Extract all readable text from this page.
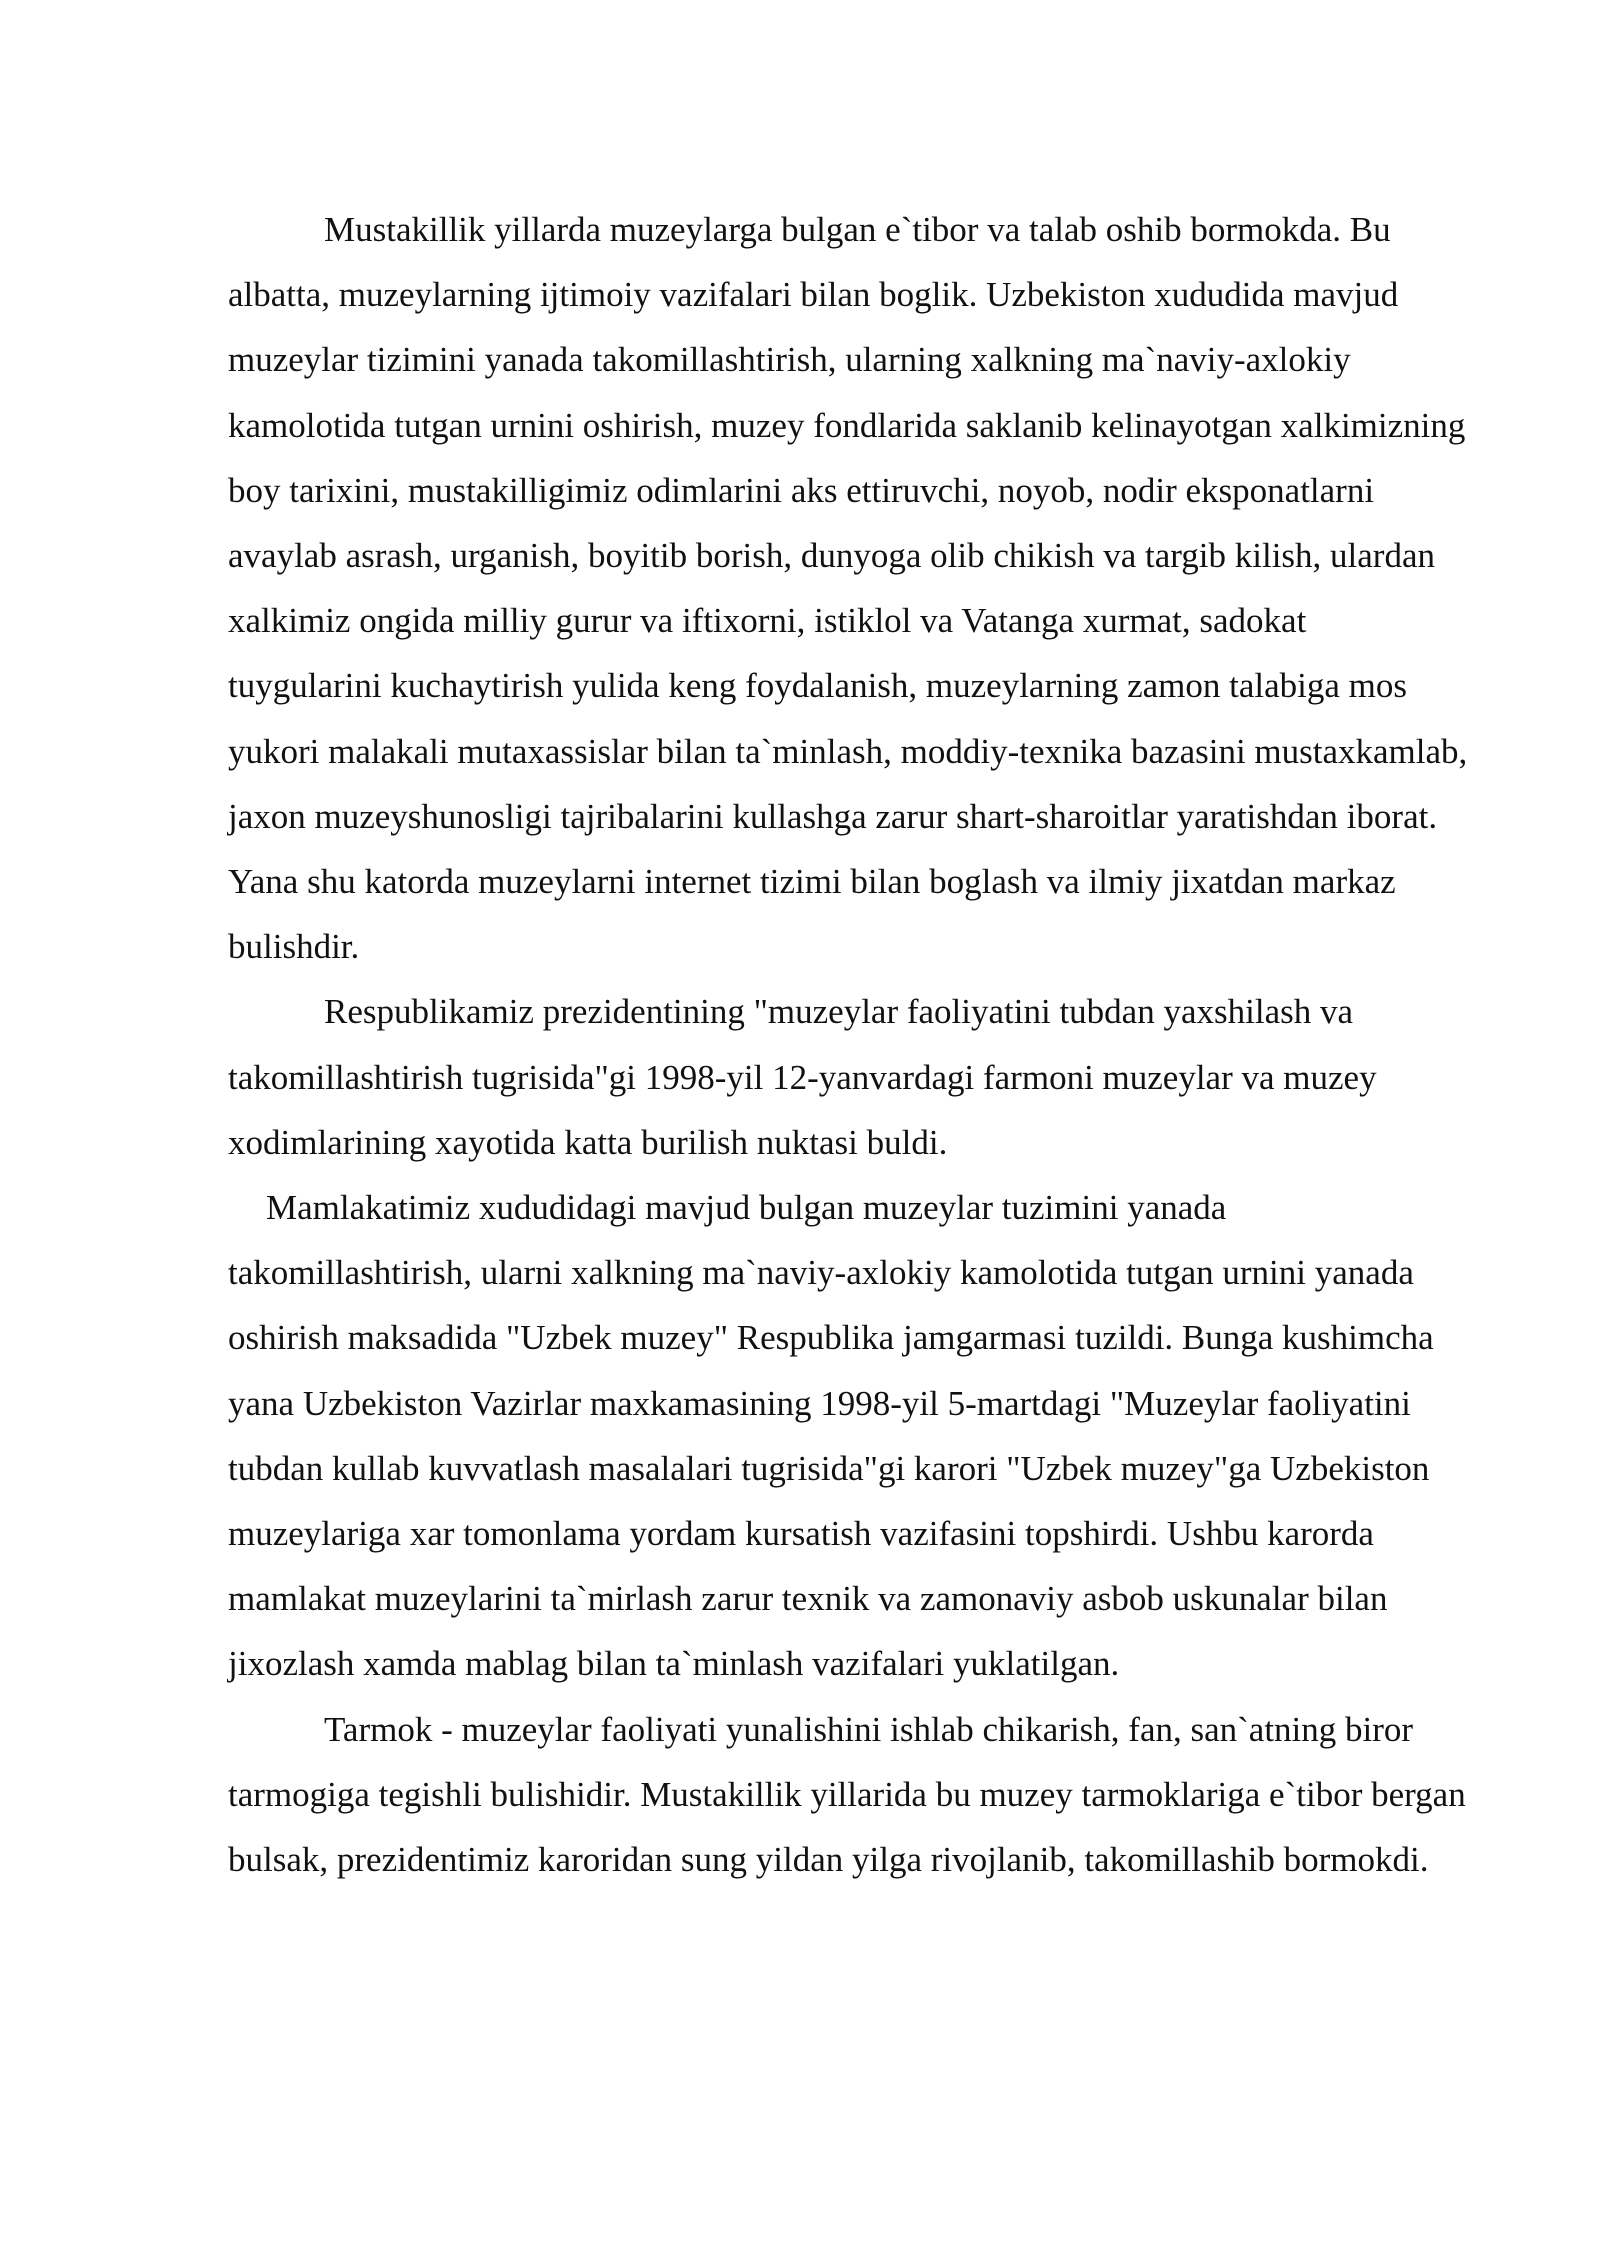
Mustakillik yillarda muzeylarga bulgan e`tibor va talab oshib bormokda. Bu albatta, muzeylarning ijtimoiy vazifalari bilan boglik. Uzbekiston xududida mavjud muzeylar tizimini yanada takomillashtirish, ularning xalkning ma`naviy-axlokiy kamolotida tutgan urnini oshirish, muzey fondlarida saklanib kelinayotgan xalkimizning boy tarixini, mustakilligimiz odimlarini aks ettiruvchi, noyob, nodir eksponatlarni avaylab asrash, urganish, boyitib borish, dunyoga olib chikish va targib kilish, ulardan xalkimiz ongida milliy gurur va iftixorni, istiklol va Vatanga xurmat, sadokat tuygularini kuchaytirish yulida keng foydalanish, muzeylarning zamon talabiga mos yukori malakali mutaxassislar bilan ta`minlash, moddiy-texnika bazasini mustaxkamlab, jaxon muzeyshunosligi tajribalarini kullashga zarur shart-sharoitlar yaratishdan iborat. Yana shu katorda muzeylarni internet tizimi bilan boglash va ilmiy jixatdan markaz bulishdir.

Respublikamiz prezidentining "muzeylar faoliyatini tubdan yaxshilash va takomillashtirish tugrisida"gi 1998-yil 12-yanvardagi farmoni muzeylar va muzey xodimlarining xayotida katta burilish nuktasi buldi.

Mamlakatimiz xududidagi mavjud bulgan muzeylar tuzimini yanada takomillashtirish, ularni xalkning ma`naviy-axlokiy kamolotida tutgan urnini yanada oshirish maksadida "Uzbek muzey" Respublika jamgarmasi tuzildi. Bunga kushimcha yana Uzbekiston Vazirlar maxkamasining 1998-yil 5-martdagi "Muzeylar faoliyatini tubdan kullab kuvvatlash masalalari tugrisida"gi karori "Uzbek muzey"ga Uzbekiston muzeylariga xar tomonlama yordam kursatish vazifasini topshirdi. Ushbu karorda mamlakat muzeylarini ta`mirlash zarur texnik va zamonaviy asbob uskunalar bilan jixozlash xamda mablag bilan ta`minlash vazifalari yuklatilgan.

Tarmok - muzeylar faoliyati yunalishini ishlab chikarish, fan, san`atning biror tarmogiga tegishli bulishidir. Mustakillik yillarida bu muzey tarmoklariga e`tibor bergan bulsak, prezidentimiz karoridan sung yildan yilga rivojlanib, takomillashib bormokdi.
